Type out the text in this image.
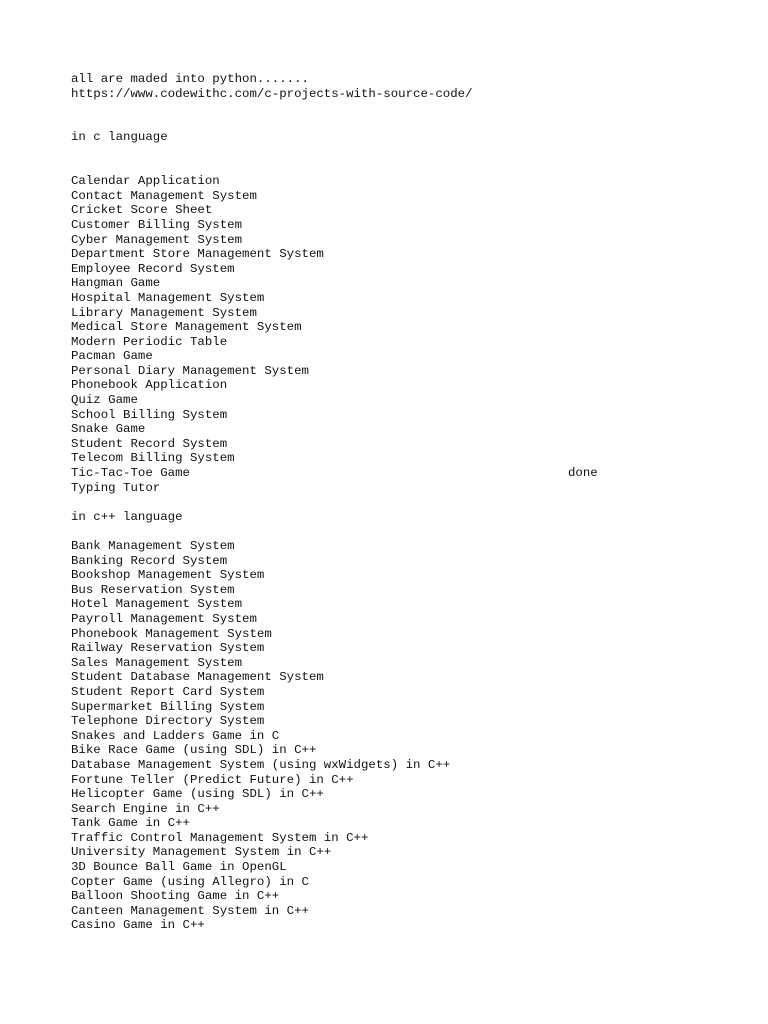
all are maded into python.......
https://www.codewithc.com/c-projects-with-source-code/
in c language
Calendar Application
Contact Management System
Cricket Score Sheet
Customer Billing System
Cyber Management System
Department Store Management System
Employee Record System
Hangman Game
Hospital Management System
Library Management System
Medical Store Management System
Modern Periodic Table
Pacman Game
Personal Diary Management System
Phonebook Application
Quiz Game
School Billing System
Snake Game
Student Record System
Telecom Billing System
Tic-Tac-Toe Game	done
Typing Tutor
in c++ language
Bank Management System
Banking Record System
Bookshop Management System
Bus Reservation System
Hotel Management System
Payroll Management System
Phonebook Management System
Railway Reservation System
Sales Management System
Student Database Management System
Student Report Card System
Supermarket Billing System
Telephone Directory System
Snakes and Ladders Game in C
Bike Race Game (using SDL) in C++
Database Management System (using wxWidgets) in C++
Fortune Teller (Predict Future) in C++
Helicopter Game (using SDL) in C++
Search Engine in C++
Tank Game in C++
Traffic Control Management System in C++
University Management System in C++
3D Bounce Ball Game in OpenGL
Copter Game (using Allegro) in C
Balloon Shooting Game in C++
Canteen Management System in C++
Casino Game in C++
